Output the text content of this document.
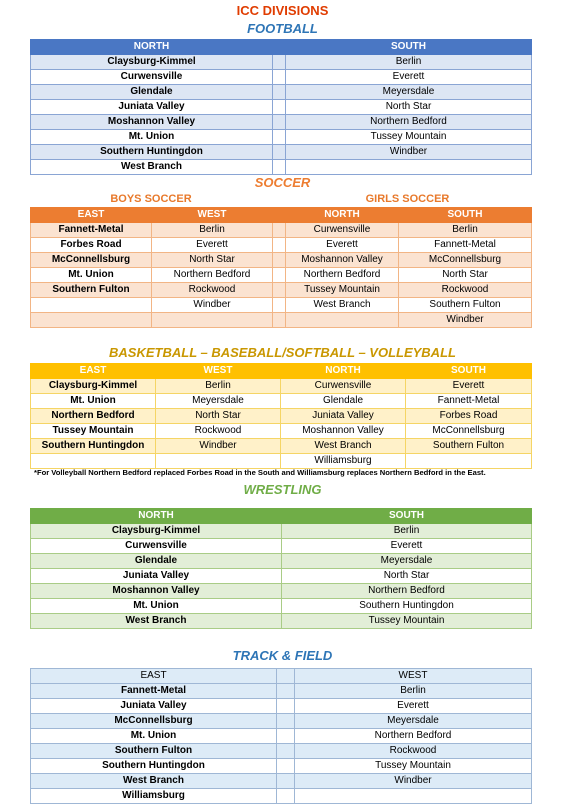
ICC DIVISIONS
FOOTBALL
NORTH		SOUTH
Claysburg-Kimmel		Berlin
Curwensville		Everett
Glendale		Meyersdale
Juniata Valley		North Star
Moshannon Valley		Northern Bedford
Mt. Union		Tussey Mountain
Southern Huntingdon		Windber
West Branch		
SOCCER
BOYS SOCCER	GIRLS SOCCER
EAST	WEST		NORTH	SOUTH
Fannett-Metal	Berlin		Curwensville	Berlin
Forbes Road	Everett		Everett	Fannett-Metal
McConnellsburg	North Star		Moshannon Valley	McConnellsburg
Mt. Union	Northern Bedford		Northern Bedford	North Star
Southern Fulton	Rockwood		Tussey Mountain	Rockwood
	Windber		West Branch	Southern Fulton
				Windber
BASKETBALL – BASEBALL/SOFTBALL – VOLLEYBALL
EAST	WEST	NORTH	SOUTH
Claysburg-Kimmel	Berlin	Curwensville	Everett
Mt. Union	Meyersdale	Glendale	Fannett-Metal
Northern Bedford	North Star	Juniata Valley	Forbes Road
Tussey Mountain	Rockwood	Moshannon Valley	McConnellsburg
Southern Huntingdon	Windber	West Branch	Southern Fulton
		Williamsburg	
*For Volleyball Northern Bedford replaced Forbes Road in the South and Williamsburg replaces Northern Bedford in the East.
WRESTLING
NORTH	SOUTH
Claysburg-Kimmel	Berlin
Curwensville	Everett
Glendale	Meyersdale
Juniata Valley	North Star
Moshannon Valley	Northern Bedford
Mt. Union	Southern Huntingdon
West Branch	Tussey Mountain
TRACK & FIELD
EAST		WEST
Fannett-Metal		Berlin
Juniata Valley		Everett
McConnellsburg		Meyersdale
Mt. Union		Northern Bedford
Southern Fulton		Rockwood
Southern Huntingdon		Tussey Mountain
West Branch		Windber
Williamsburg		
